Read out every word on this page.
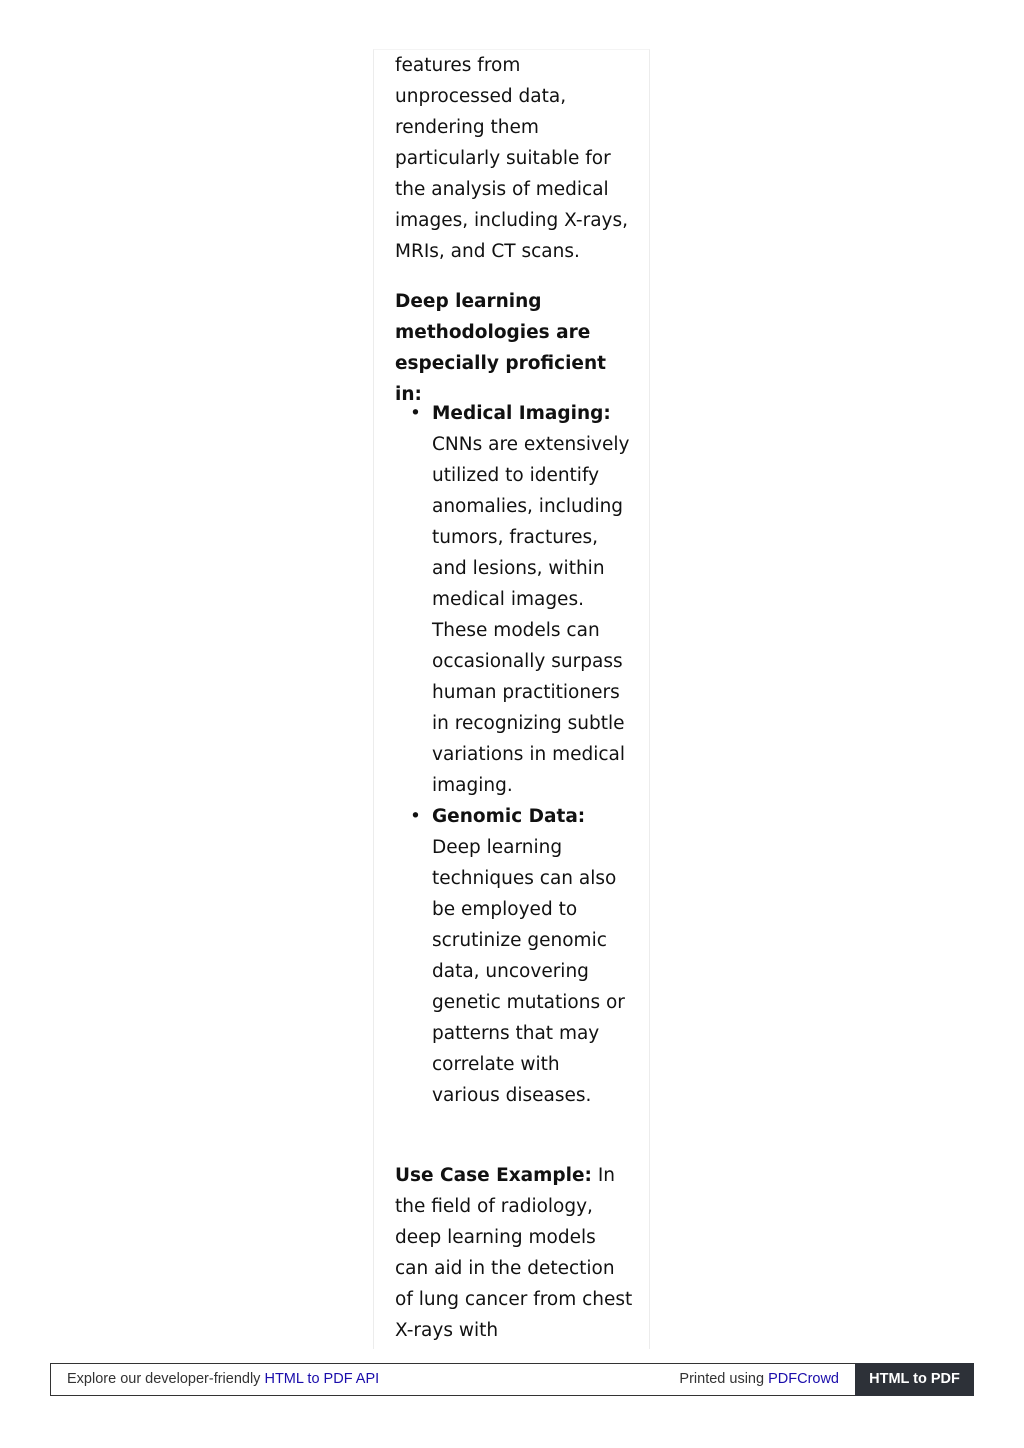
features from unprocessed data, rendering them particularly suitable for the analysis of medical images, including X-rays, MRIs, and CT scans.

Deep learning methodologies are especially proficient in:

• Medical Imaging: CNNs are extensively utilized to identify anomalies, including tumors, fractures, and lesions, within medical images. These models can occasionally surpass human practitioners in recognizing subtle variations in medical imaging.
• Genomic Data: Deep learning techniques can also be employed to scrutinize genomic data, uncovering genetic mutations or patterns that may correlate with various diseases.

Use Case Example: In the field of radiology, deep learning models can aid in the detection of lung cancer from chest X-rays with

Explore our developer-friendly HTML to PDF API	Printed using PDFCrowd	HTML to PDF
